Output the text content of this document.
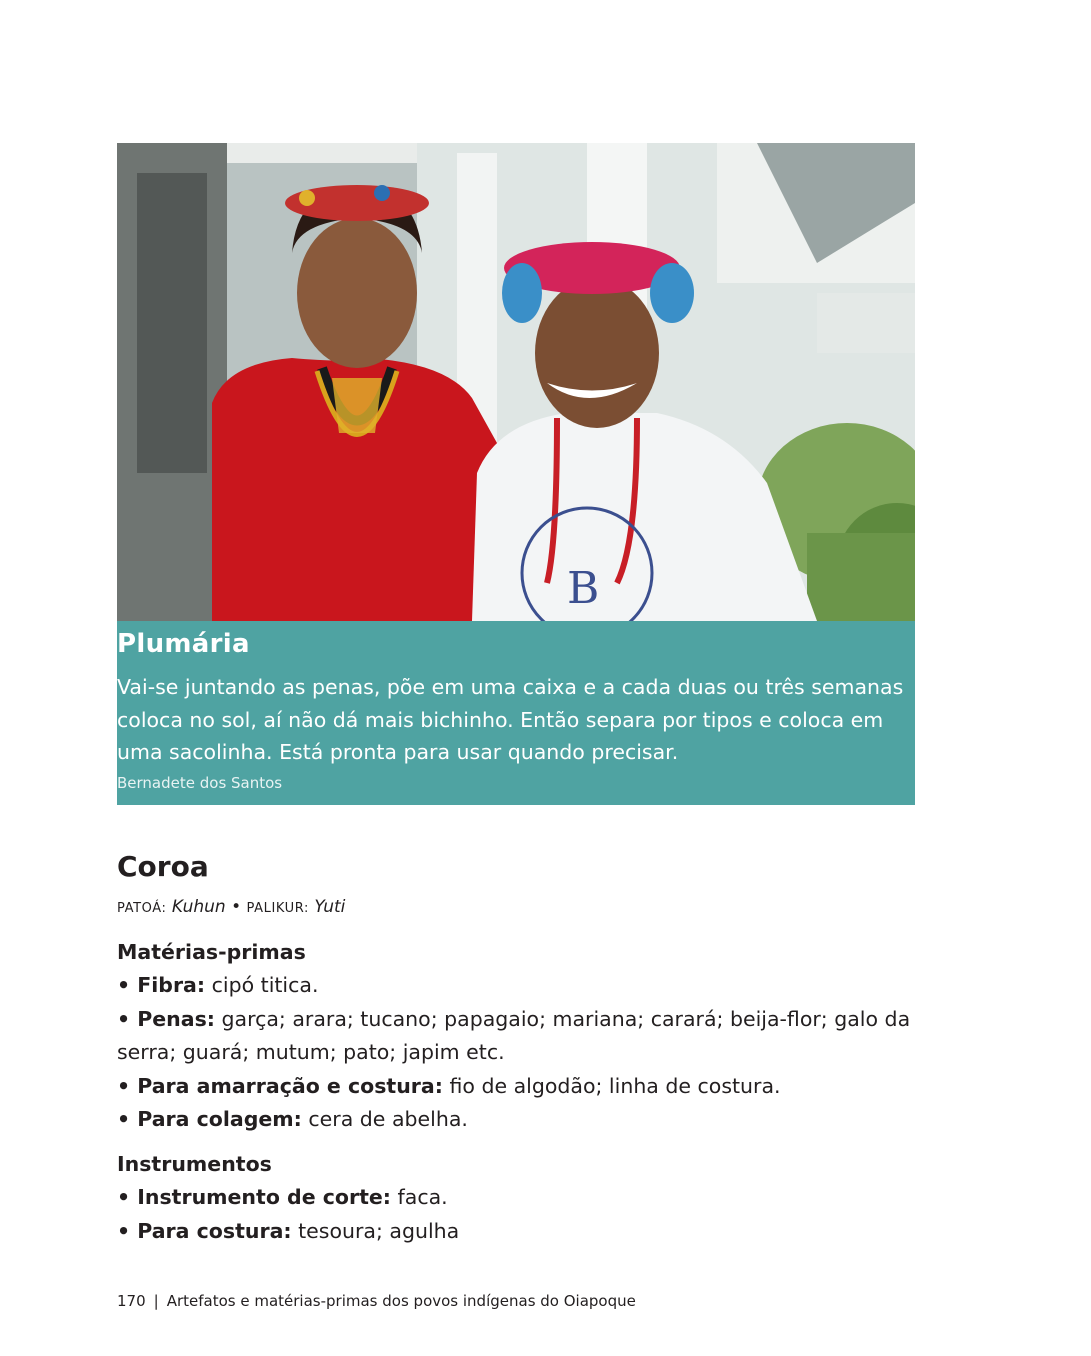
B
Plumária

Vai-se juntando as penas, põe em uma caixa e a cada duas ou três semanas coloca no sol, aí não dá mais bichinho. Então separa por tipos e coloca em uma sacolinha. Está pronta para usar quando precisar.

Bernadete dos Santos

Coroa

PATOÁ: Kuhun • PALIKUR: Yuti

Matérias-primas
• Fibra: cipó titica.
• Penas: garça; arara; tucano; papagaio; mariana; carará; beija-flor; galo da serra; guará; mutum; pato; japim etc.
• Para amarração e costura: fio de algodão; linha de costura.
• Para colagem: cera de abelha.
Instrumentos
• Instrumento de corte: faca.
• Para costura: tesoura; agulha

170 | Artefatos e matérias-primas dos povos indígenas do Oiapoque
